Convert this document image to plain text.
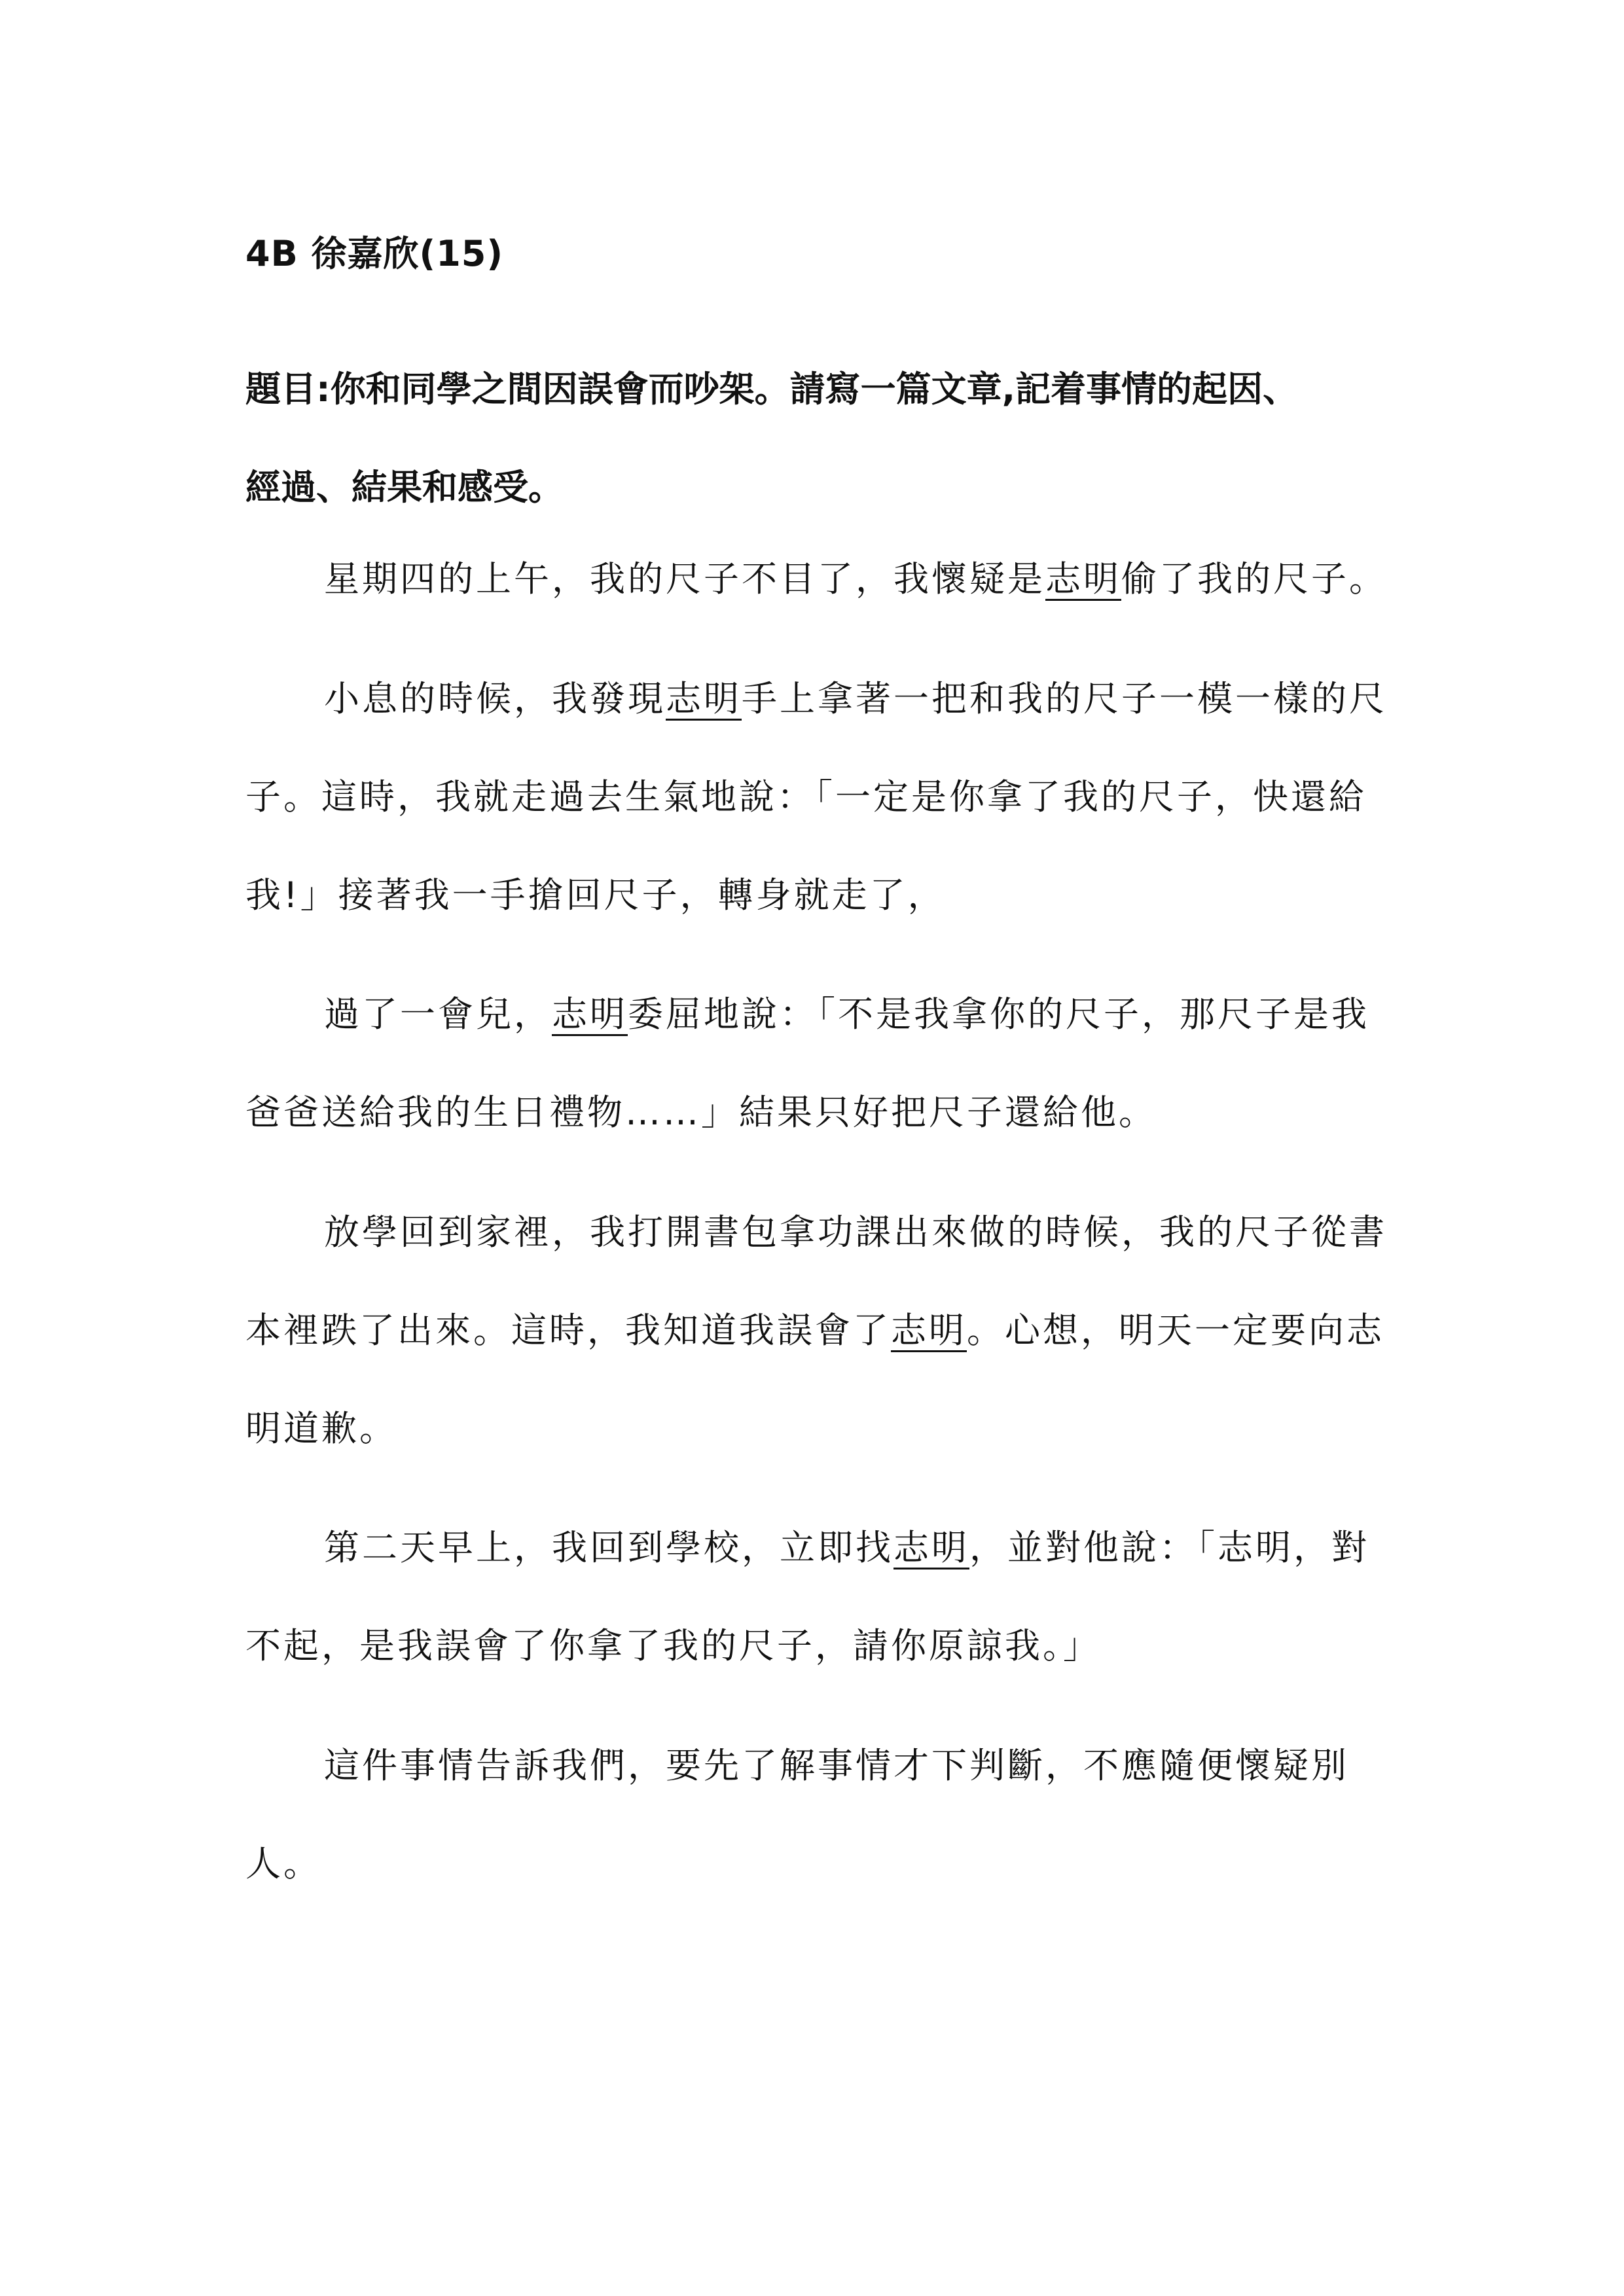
4B 徐嘉欣(15)
題目:你和同學之間因誤會而吵架。請寫一篇文章,記着事情的起因、
經過、結果和感受。
星期四的上午，我的尺子不目了，我懷疑是志明偷了我的尺子。
小息的時候，我發現志明手上拿著一把和我的尺子一模一樣的尺
子。這時，我就走過去生氣地說：「一定是你拿了我的尺子，快還給
我!」接著我一手搶回尺子，轉身就走了，
過了一會兒，志明委屈地說：「不是我拿你的尺子，那尺子是我
爸爸送給我的生日禮物……」結果只好把尺子還給他。
放學回到家裡，我打開書包拿功課出來做的時候，我的尺子從書
本裡跌了出來。這時，我知道我誤會了志明。心想，明天一定要向志
明道歉。
第二天早上，我回到學校，立即找志明，並對他說：「志明，對
不起，是我誤會了你拿了我的尺子，請你原諒我。」
這件事情告訴我們，要先了解事情才下判斷，不應隨便懷疑別
人。
